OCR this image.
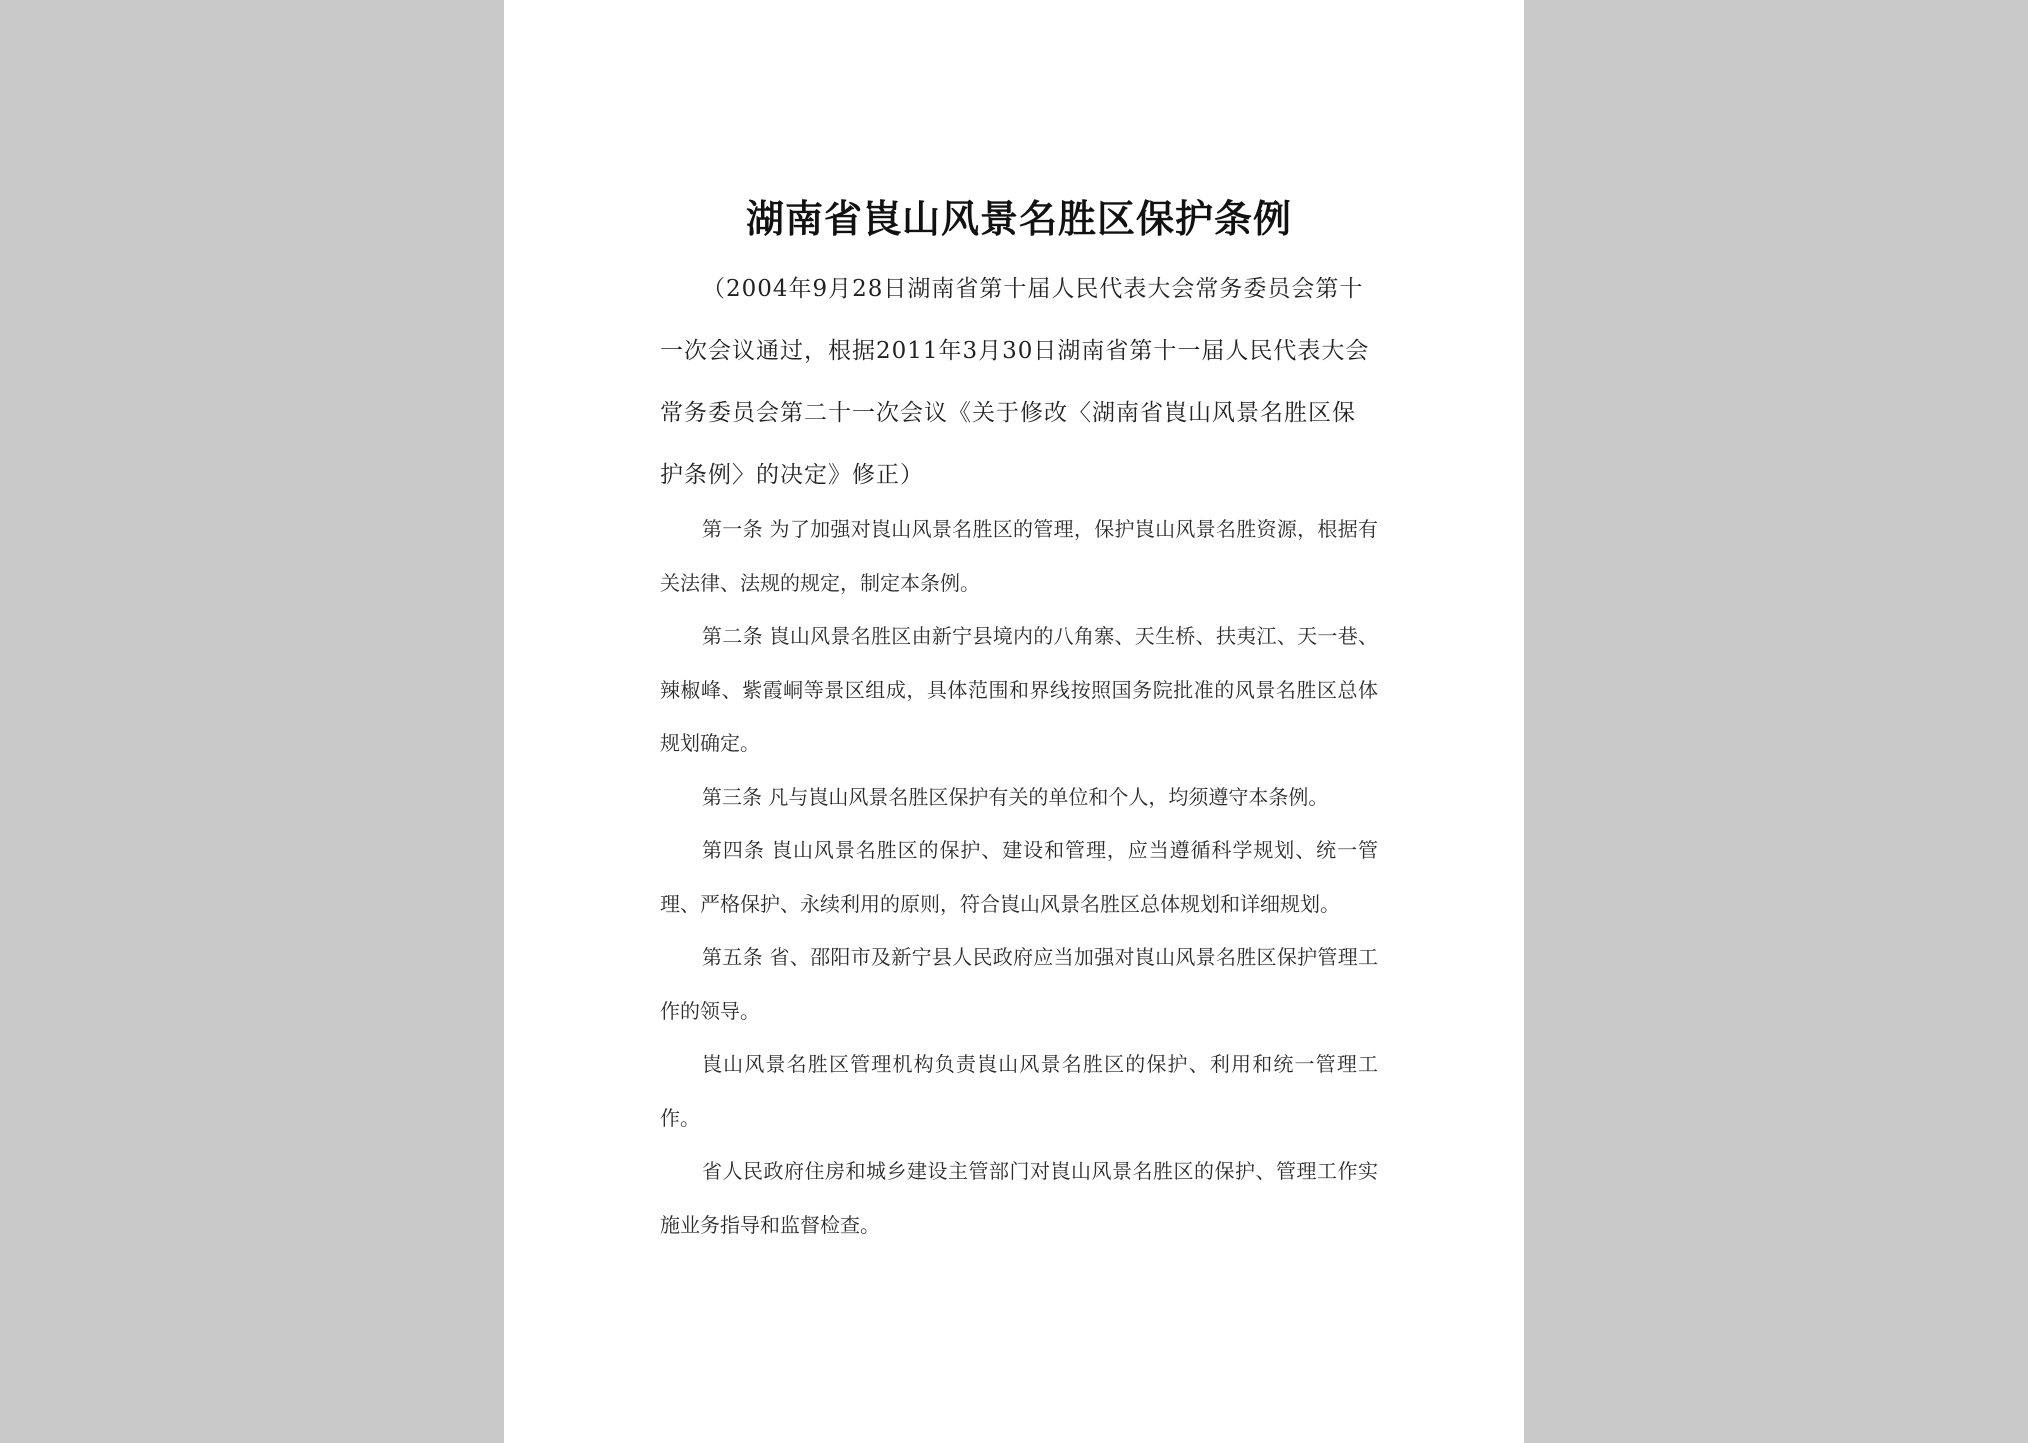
湖南省崀山风景名胜区保护条例

（2004年9月28日湖南省第十届人民代表大会常务委员会第十一次会议通过，根据2011年3月30日湖南省第十一届人民代表大会常务委员会第二十一次会议《关于修改〈湖南省崀山风景名胜区保护条例〉的决定》修正）

第一条 为了加强对崀山风景名胜区的管理，保护崀山风景名胜资源，根据有关法律、法规的规定，制定本条例。

第二条 崀山风景名胜区由新宁县境内的八角寨、天生桥、扶夷江、天一巷、辣椒峰、紫霞峒等景区组成，具体范围和界线按照国务院批准的风景名胜区总体规划确定。

第三条 凡与崀山风景名胜区保护有关的单位和个人，均须遵守本条例。

第四条 崀山风景名胜区的保护、建设和管理，应当遵循科学规划、统一管理、严格保护、永续利用的原则，符合崀山风景名胜区总体规划和详细规划。

第五条 省、邵阳市及新宁县人民政府应当加强对崀山风景名胜区保护管理工作的领导。

崀山风景名胜区管理机构负责崀山风景名胜区的保护、利用和统一管理工作。

省人民政府住房和城乡建设主管部门对崀山风景名胜区的保护、管理工作实施业务指导和监督检查。
